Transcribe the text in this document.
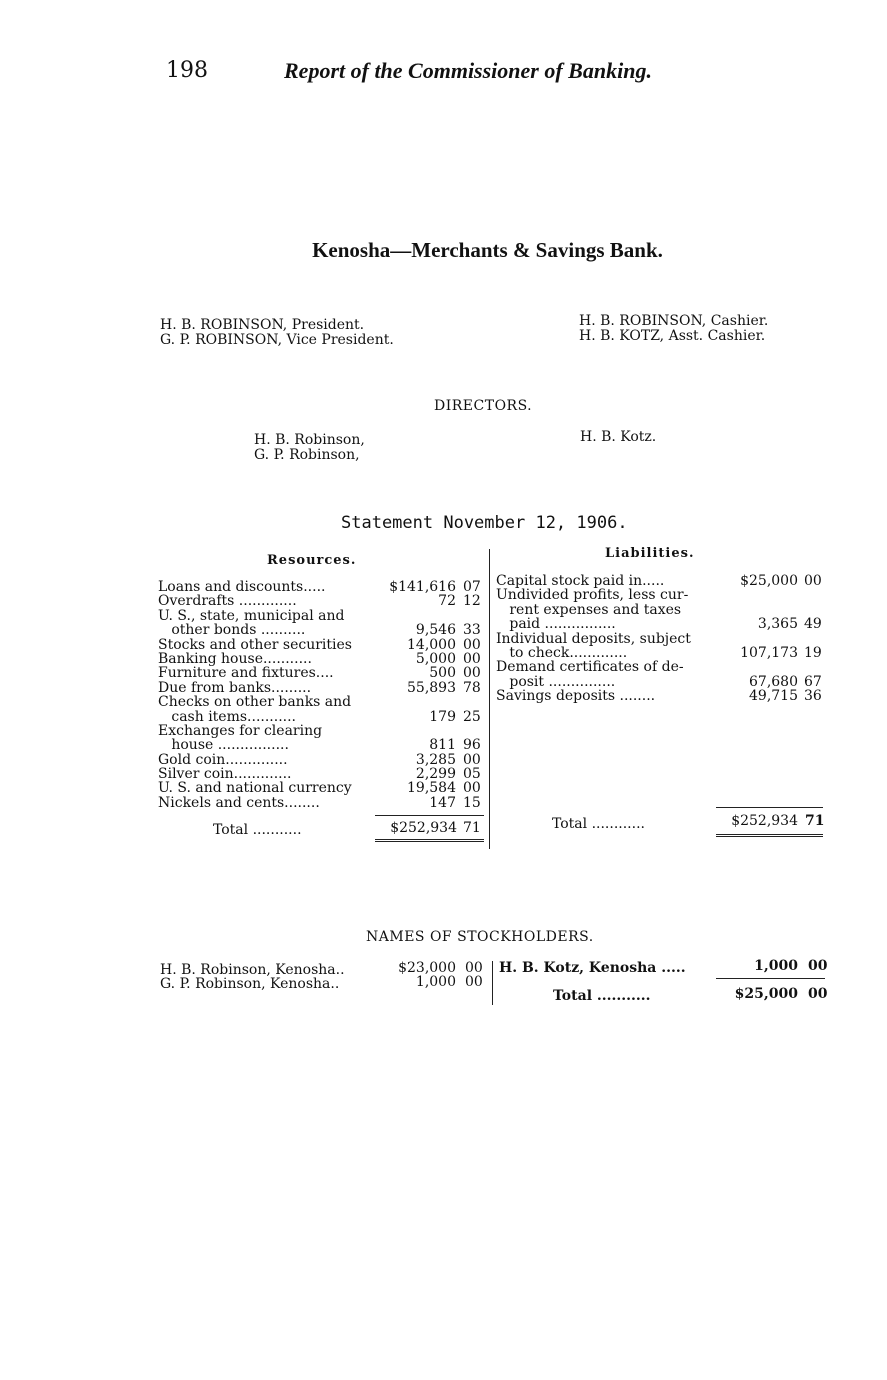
198	Report of the Commissioner of Banking.
Kenosha—Merchants & Savings Bank.
H. B. ROBINSON, President.
G. P. ROBINSON, Vice President.
H. B. ROBINSON, Cashier.
H. B. KOTZ, Asst. Cashier.
DIRECTORS.
H. B. Robinson,
G. P. Robinson,
H. B. Kotz.
Statement November 12, 1906.
Resources.	Liabilities.
Loans and discounts.....	$141,616 07
Overdrafts .............	72 12
U. S., state, municipal and
other bonds ..........	9,546 33
Stocks and other securities	14,000 00
Banking house...........	5,000 00
Furniture and fixtures....	500 00
Due from banks.........	55,893 78
Checks on other banks and
cash items...........	179 25
Exchanges for clearing
house ................	811 96
Gold coin..............	3,285 00
Silver coin.............	2,299 05
U. S. and national currency	19,584 00
Nickels and cents........	147 15
Total ...........	$252,934 71
Capital stock paid in.....	$25,000 00
Undivided profits, less cur-
rent expenses and taxes
paid ................	3,365 49
Individual deposits, subject
to check.............	107,173 19
Demand certificates of de-
posit ...............	67,680 67
Savings deposits ........	49,715 36
Total ............	$252,934 71
NAMES OF STOCKHOLDERS.
H. B. Robinson, Kenosha..	$23,000 00
G. P. Robinson, Kenosha..	1,000 00
H. B. Kotz, Kenosha .....	1,000 00
Total ...........	$25,000 00
